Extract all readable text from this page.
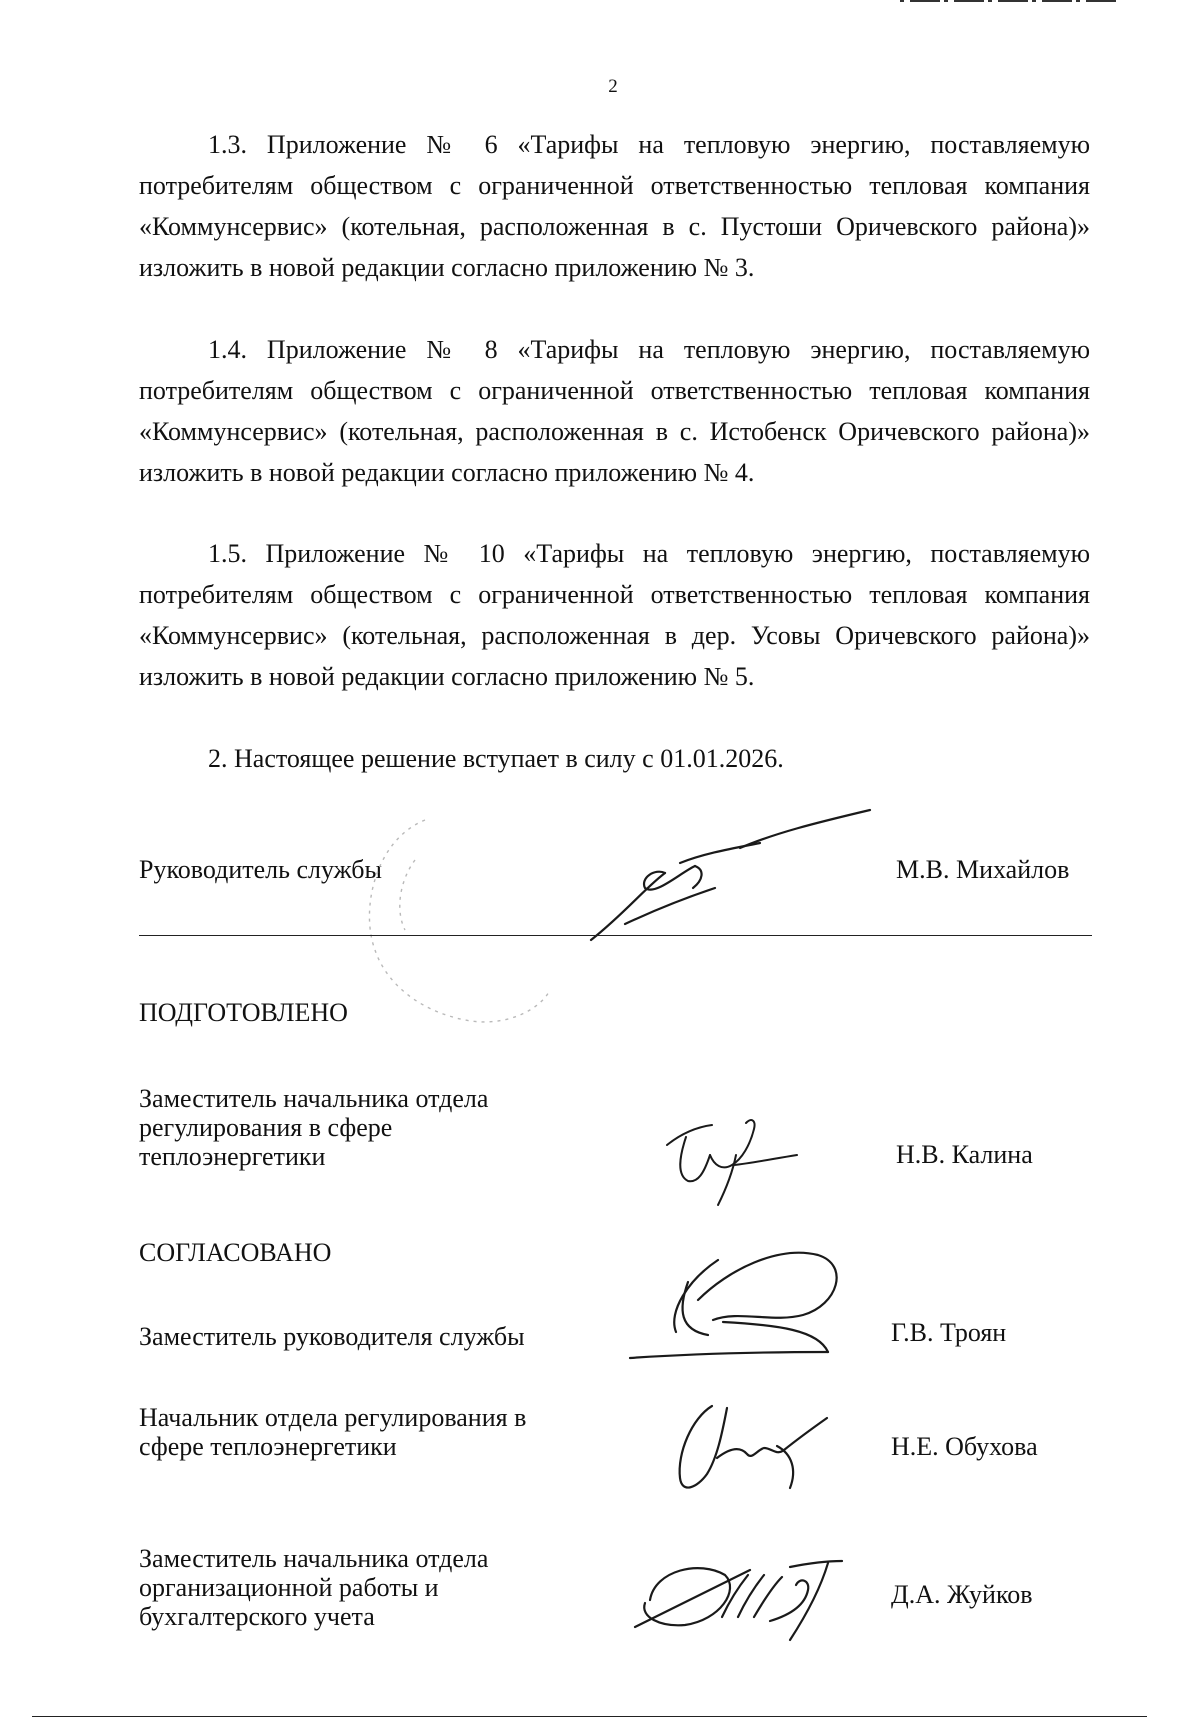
2

1.3. Приложение № 6 «Тарифы на тепловую энергию, поставляемую потребителям обществом с ограниченной ответственностью тепловая компания «Коммунсервис» (котельная, расположенная в с. Пустоши Оричевского района)» изложить в новой редакции согласно приложению № 3.

1.4. Приложение № 8 «Тарифы на тепловую энергию, поставляемую потребителям обществом с ограниченной ответственностью тепловая компания «Коммунсервис» (котельная, расположенная в с. Истобенск Оричевского района)» изложить в новой редакции согласно приложению № 4.

1.5. Приложение № 10 «Тарифы на тепловую энергию, поставляемую потребителям обществом с ограниченной ответственностью тепловая компания «Коммунсервис» (котельная, расположенная в дер. Усовы Оричевского района)» изложить в новой редакции согласно приложению № 5.

2. Настоящее решение вступает в силу с 01.01.2026.

Руководитель службы	М.В. Михайлов
ПОДГОТОВЛЕНО
Заместитель начальника отдела регулирования в сфере теплоэнергетики	Н.В. Калина
СОГЛАСОВАНО
Заместитель руководителя службы	Г.В. Троян
Начальник отдела регулирования в сфере теплоэнергетики	Н.Е. Обухова
Заместитель начальника отдела организационной работы и бухгалтерского учета
Д.А. Жуйков
